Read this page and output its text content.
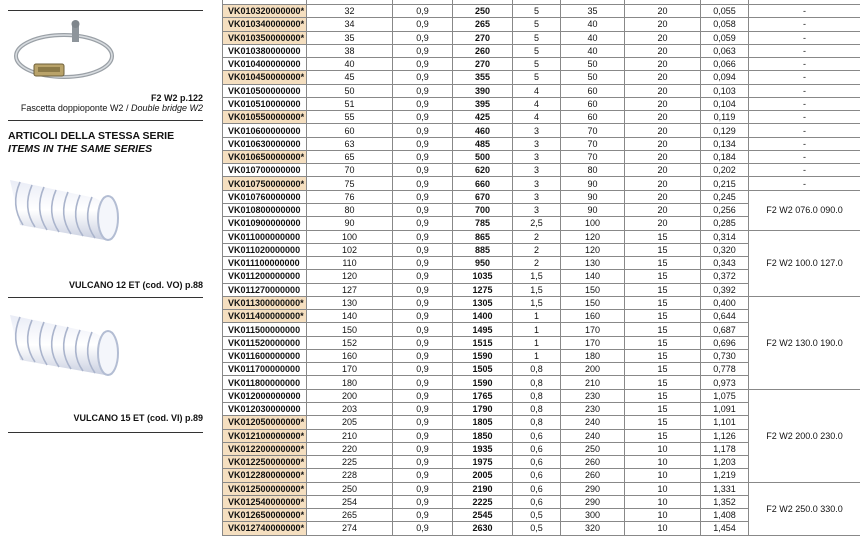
F2 W2 p.122
Fascetta doppioponte W2 / Double bridge W2
ARTICOLI DELLA STESSA SERIE
ITEMS IN THE SAME SERIES
VULCANO 12 ET (cod. VO) p.88
VULCANO 15 ET (cod. VI) p.89

VK010320000000*	32	0,9	250	5	35	20	0,055	-
VK010340000000*	34	0,9	265	5	40	20	0,058	-
VK010350000000*	35	0,9	270	5	40	20	0,059	-
VK010380000000	38	0,9	260	5	40	20	0,063	-
VK010400000000	40	0,9	270	5	50	20	0,066	-
VK010450000000*	45	0,9	355	5	50	20	0,094	-
VK010500000000	50	0,9	390	4	60	20	0,103	-
VK010510000000	51	0,9	395	4	60	20	0,104	-
VK010550000000*	55	0,9	425	4	60	20	0,119	-
VK010600000000	60	0,9	460	3	70	20	0,129	-
VK010630000000	63	0,9	485	3	70	20	0,134	-
VK010650000000*	65	0,9	500	3	70	20	0,184	-
VK010700000000	70	0,9	620	3	80	20	0,202	-
VK010750000000*	75	0,9	660	3	90	20	0,215	-
VK010760000000	76	0,9	670	3	90	20	0,245	F2 W2 076.0 090.0
VK010800000000	80	0,9	700	3	90	20	0,256	
VK010900000000	90	0,9	785	2,5	100	20	0,285	
VK011000000000	100	0,9	865	2	120	15	0,314	F2 W2 100.0 127.0
VK011020000000	102	0,9	885	2	120	15	0,320	
VK011100000000	110	0,9	950	2	130	15	0,343	
VK011200000000	120	0,9	1035	1,5	140	15	0,372	
VK011270000000	127	0,9	1275	1,5	150	15	0,392	
VK011300000000*	130	0,9	1305	1,5	150	15	0,400	F2 W2 130.0 190.0
VK011400000000*	140	0,9	1400	1	160	15	0,644	
VK011500000000	150	0,9	1495	1	170	15	0,687	
VK011520000000	152	0,9	1515	1	170	15	0,696	
VK011600000000	160	0,9	1590	1	180	15	0,730	
VK011700000000	170	0,9	1505	0,8	200	15	0,778	
VK011800000000	180	0,9	1590	0,8	210	15	0,973	
VK012000000000	200	0,9	1765	0,8	230	15	1,075	F2 W2 200.0 230.0
VK012030000000	203	0,9	1790	0,8	230	15	1,091	
VK012050000000*	205	0,9	1805	0,8	240	15	1,101	
VK012100000000*	210	0,9	1850	0,6	240	15	1,126	
VK012200000000*	220	0,9	1935	0,6	250	10	1,178	
VK012250000000*	225	0,9	1975	0,6	260	10	1,203	
VK012280000000*	228	0,9	2005	0,6	260	10	1,219	
VK012500000000*	250	0,9	2190	0,6	290	10	1,331	F2 W2 250.0 330.0
VK012540000000*	254	0,9	2225	0,6	290	10	1,352	
VK012650000000*	265	0,9	2545	0,5	300	10	1,408	
VK012740000000*	274	0,9	2630	0,5	320	10	1,454	
